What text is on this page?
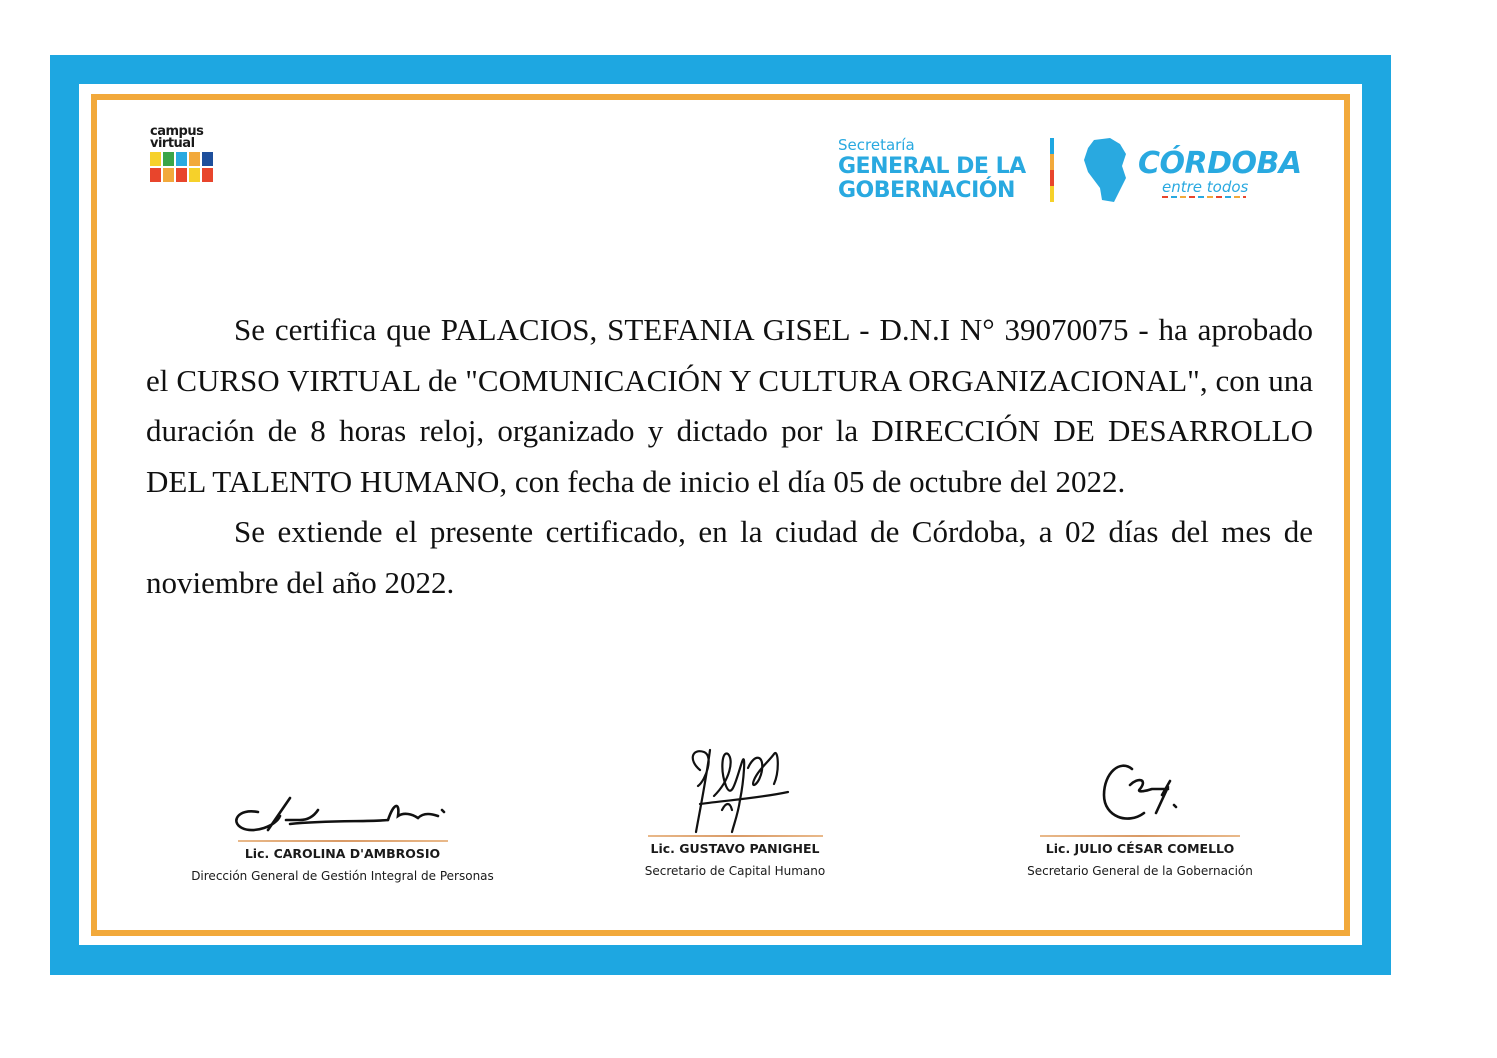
campus
virtual	Secretaría
GENERAL DE LA
GOBERNACIÓN
CÓRDOBA
entre todos

Se certifica que PALACIOS, STEFANIA GISEL - D.N.I N° 39070075 - ha aprobado el CURSO VIRTUAL de "COMUNICACIÓN Y CULTURA ORGANIZACIONAL", con una duración de 8 horas reloj, organizado y dictado por la DIRECCIÓN DE DESARROLLO DEL TALENTO HUMANO, con fecha de inicio el día 05 de octubre del 2022.

Se extiende el presente certificado, en la ciudad de Córdoba, a 02 días del mes de noviembre del año 2022.

Lic. CAROLINA D'AMBROSIO
Dirección General de Gestión Integral de Personas
Lic. GUSTAVO PANIGHEL
Secretario de Capital Humano
Lic. JULIO CÉSAR COMELLO
Secretario General de la Gobernación
